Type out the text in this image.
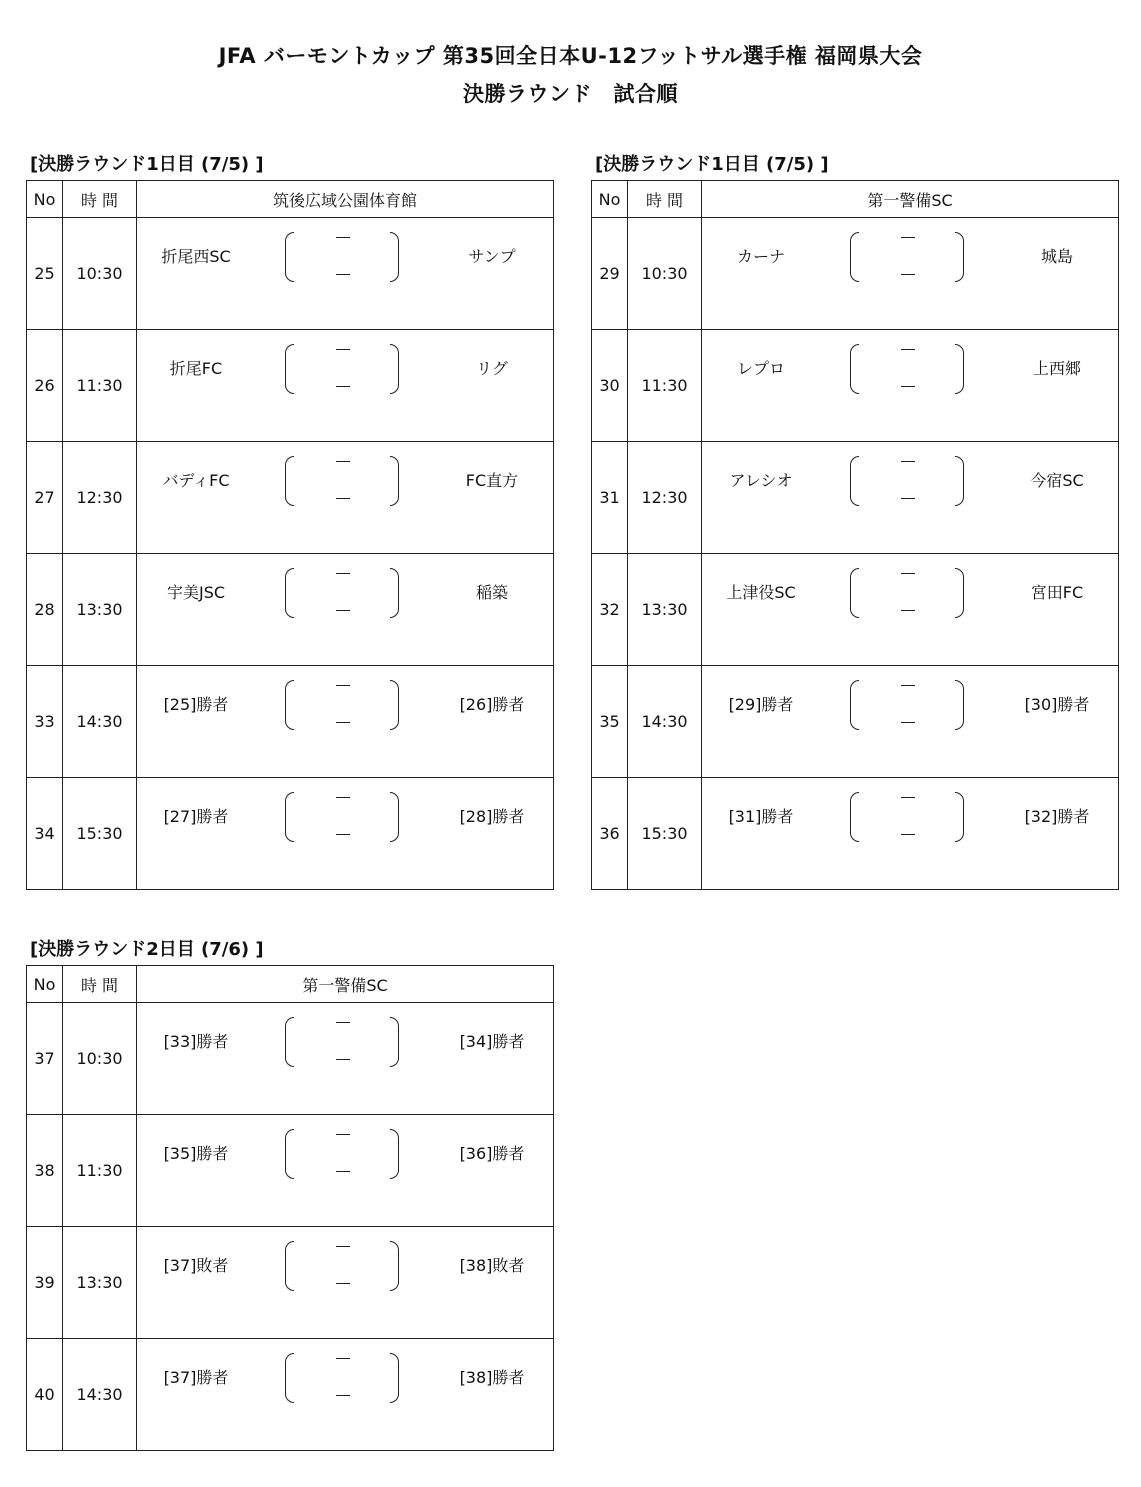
JFA バーモントカップ 第35回全日本U-12フットサル選手権 福岡県大会
決勝ラウンド　試合順
[決勝ラウンド1日目 (7/5) ]
No	時 間	筑後広域公園体育館
25	10:30	折尾西SC サンプ

26	11:30	折尾FC リグ

27	12:30	バディFC FC直方

28	13:30	宇美JSC 稲築

33	14:30	[25]勝者 [26]勝者

34	15:30	[27]勝者 [28]勝者
[決勝ラウンド1日目 (7/5) ]
No	時 間	第一警備SC
29	10:30	カーナ 城島

30	11:30	レプロ 上西郷

31	12:30	アレシオ 今宿SC

32	13:30	上津役SC 宮田FC

35	14:30	[29]勝者 [30]勝者

36	15:30	[31]勝者 [32]勝者
[決勝ラウンド2日目 (7/6) ]
No	時 間	第一警備SC
37	10:30	[33]勝者 [34]勝者

38	11:30	[35]勝者 [36]勝者

39	13:30	[37]敗者 [38]敗者

40	14:30	[37]勝者 [38]勝者
